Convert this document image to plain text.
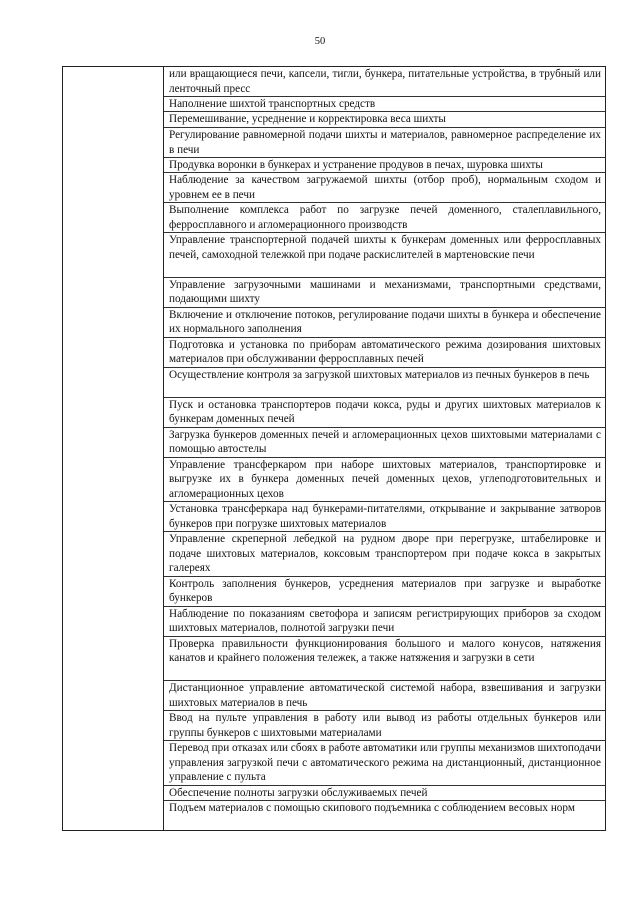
50
или вращающиеся печи, капсели, тигли, бункера, питательные устройства, в трубный или ленточный пресс
Наполнение шихтой транспортных средств
Перемешивание, усреднение и корректировка веса шихты
Регулирование равномерной подачи шихты и материалов, равномерное распределение их в печи
Продувка воронки в бункерах и устранение продувов в печах, шуровка шихты
Наблюдение за качеством загружаемой шихты (отбор проб), нормальным сходом и уровнем ее в печи
Выполнение комплекса работ по загрузке печей доменного, сталеплавильного, ферросплавного и агломерационного производств
Управление транспортерной подачей шихты к бункерам доменных или ферросплавных печей, самоходной тележкой при подаче раскислителей в мартеновские печи
Управление загрузочными машинами и механизмами, транспортными средствами, подающими шихту
Включение и отключение потоков, регулирование подачи шихты в бункера и обеспечение их нормального заполнения
Подготовка и установка по приборам автоматического режима дозирования шихтовых материалов при обслуживании ферросплавных печей
Осуществление контроля за загрузкой шихтовых материалов из печных бункеров в печь
Пуск и остановка транспортеров подачи кокса, руды и других шихтовых материалов к бункерам доменных печей
Загрузка бункеров доменных печей и агломерационных цехов шихтовыми материалами с помощью автостелы
Управление трансферкаром при наборе шихтовых материалов, транспортировке и выгрузке их в бункера доменных печей доменных цехов, углеподготовительных и агломерационных цехов
Установка трансферкара над бункерами-питателями, открывание и закрывание затворов бункеров при погрузке шихтовых материалов
Управление скреперной лебедкой на рудном дворе при перегрузке, штабелировке и подаче шихтовых материалов, коксовым транспортером при подаче кокса в закрытых галереях
Контроль заполнения бункеров, усреднения материалов при загрузке и выработке бункеров
Наблюдение по показаниям светофора и записям регистрирующих приборов за сходом шихтовых материалов, полнотой загрузки печи
Проверка правильности функционирования большого и малого конусов, натяжения канатов и крайнего положения тележек, а также натяжения и загрузки в сети
Дистанционное управление автоматической системой набора, взвешивания и загрузки шихтовых материалов в печь
Ввод на пульте управления в работу или вывод из работы отдельных бункеров или группы бункеров с шихтовыми материалами
Перевод при отказах или сбоях в работе автоматики или группы механизмов шихтоподачи управления загрузкой печи с автоматического режима на дистанционный, дистанционное управление с пульта
Обеспечение полноты загрузки обслуживаемых печей
Подъем материалов с помощью скипового подъемника с соблюдением весовых норм
